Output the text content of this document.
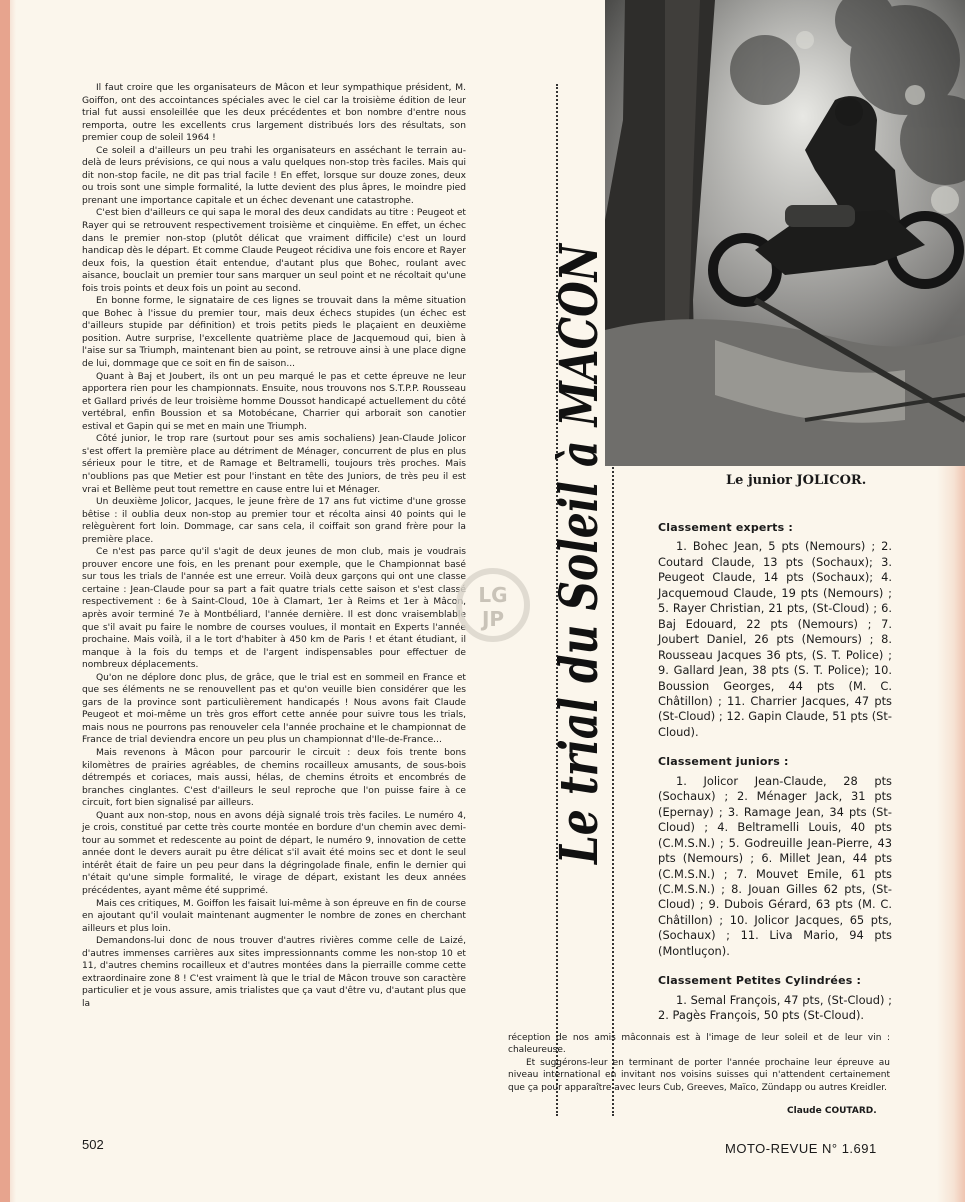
Il faut croire que les organisateurs de Mâcon et leur sympathique président, M. Goiffon, ont des accointances spéciales avec le ciel car la troisième édition de leur trial fut aussi ensoleillée que les deux précédentes et bon nombre d'entre nous remporta, outre les excellents crus largement distribués lors des résultats, son premier coup de soleil 1964 !

Ce soleil a d'ailleurs un peu trahi les organisateurs en asséchant le terrain au-delà de leurs prévisions, ce qui nous a valu quelques non-stop très faciles. Mais qui dit non-stop facile, ne dit pas trial facile ! En effet, lorsque sur douze zones, deux ou trois sont une simple formalité, la lutte devient des plus âpres, le moindre pied prenant une importance capitale et un échec devenant une catastrophe.

C'est bien d'ailleurs ce qui sapa le moral des deux candidats au titre : Peugeot et Rayer qui se retrouvent respectivement troisième et cinquième. En effet, un échec dans le premier non-stop (plutôt délicat que vraiment difficile) c'est un lourd handicap dès le départ. Et comme Claude Peugeot récidiva une fois encore et Rayer deux fois, la question était entendue, d'autant plus que Bohec, roulant avec aisance, bouclait un premier tour sans marquer un seul point et ne récoltait qu'une fois trois points et deux fois un point au second.

En bonne forme, le signataire de ces lignes se trouvait dans la même situation que Bohec à l'issue du premier tour, mais deux échecs stupides (un échec est d'ailleurs stupide par définition) et trois petits pieds le plaçaient en deuxième position. Autre surprise, l'excellente quatrième place de Jacquemoud qui, bien à l'aise sur sa Triumph, maintenant bien au point, se retrouve ainsi à une place digne de lui, dommage que ce soit en fin de saison...

Quant à Baj et Joubert, ils ont un peu marqué le pas et cette épreuve ne leur apportera rien pour les championnats. Ensuite, nous trouvons nos S.T.P.P. Rousseau et Gallard privés de leur troisième homme Doussot handicapé actuellement du côté vertébral, enfin Boussion et sa Motobécane, Charrier qui arborait son canotier estival et Gapin qui se met en main une Triumph.

Côté junior, le trop rare (surtout pour ses amis sochaliens) Jean-Claude Jolicor s'est offert la première place au détriment de Ménager, concurrent de plus en plus sérieux pour le titre, et de Ramage et Beltramelli, toujours très proches. Mais n'oublions pas que Metier est pour l'instant en tête des Juniors, de très peu il est vrai et Bellème peut tout remettre en cause entre lui et Ménager.

Un deuxième Jolicor, Jacques, le jeune frère de 17 ans fut victime d'une grosse bêtise : il oublia deux non-stop au premier tour et récolta ainsi 40 points qui le relèguèrent fort loin. Dommage, car sans cela, il coiffait son grand frère pour la première place.

Ce n'est pas parce qu'il s'agit de deux jeunes de mon club, mais je voudrais prouver encore une fois, en les prenant pour exemple, que le Championnat basé sur tous les trials de l'année est une erreur. Voilà deux garçons qui ont une classe certaine : Jean-Claude pour sa part a fait quatre trials cette saison et s'est classé respectivement : 6e à Saint-Cloud, 10e à Clamart, 1er à Reims et 1er à Mâcon, après avoir terminé 7e à Montbéliard, l'année dernière. Il est donc vraisemblable que s'il avait pu faire le nombre de courses voulues, il montait en Experts l'année prochaine. Mais voilà, il a le tort d'habiter à 450 km de Paris ! et étant étudiant, il manque à la fois du temps et de l'argent indispensables pour effectuer de nombreux déplacements.

Qu'on ne déplore donc plus, de grâce, que le trial est en sommeil en France et que ses éléments ne se renouvellent pas et qu'on veuille bien considérer que les gars de la province sont particulièrement handicapés ! Nous avons fait Claude Peugeot et moi-même un très gros effort cette année pour suivre tous les trials, mais nous ne pourrons pas renouveler cela l'année prochaine et le championnat de France de trial deviendra encore un peu plus un championnat d'Ile-de-France...

Mais revenons à Mâcon pour parcourir le circuit : deux fois trente bons kilomètres de prairies agréables, de chemins rocailleux amusants, de sous-bois détrempés et coriaces, mais aussi, hélas, de chemins étroits et encombrés de branches cinglantes. C'est d'ailleurs le seul reproche que l'on puisse faire à ce circuit, fort bien signalisé par ailleurs.

Quant aux non-stop, nous en avons déjà signalé trois très faciles. Le numéro 4, je crois, constitué par cette très courte montée en bordure d'un chemin avec demi-tour au sommet et redescente au point de départ, le numéro 9, innovation de cette année dont le devers aurait pu être délicat s'il avait été moins sec et dont le seul intérêt était de faire un peu peur dans la dégringolade finale, enfin le dernier qui n'était qu'une simple formalité, le virage de départ, existant les deux années précédentes, ayant même été supprimé.

Mais ces critiques, M. Goiffon les faisait lui-même à son épreuve en fin de course en ajoutant qu'il voulait maintenant augmenter le nombre de zones en cherchant ailleurs et plus loin.

Demandons-lui donc de nous trouver d'autres rivières comme celle de Laizé, d'autres immenses carrières aux sites impressionnants comme les non-stop 10 et 11, d'autres chemins rocailleux et d'autres montées dans la pierraille comme cette extraordinaire zone 8 ! C'est vraiment là que le trial de Mâcon trouve son caractère particulier et je vous assure, amis trialistes que ça vaut d'être vu, d'autant plus que la

Le trial du Soleil à MACON	Le junior JOLICOR.
LG
JP
Classement experts :

1. Bohec Jean, 5 pts (Nemours) ; 2. Coutard Claude, 13 pts (Sochaux); 3. Peugeot Claude, 14 pts (Sochaux); 4. Jacquemoud Claude, 19 pts (Nemours) ; 5. Rayer Christian, 21 pts, (St-Cloud) ; 6. Baj Edouard, 22 pts (Nemours) ; 7. Joubert Daniel, 26 pts (Nemours) ; 8. Rousseau Jacques 36 pts, (S. T. Police) ; 9. Gallard Jean, 38 pts (S. T. Police); 10. Boussion Georges, 44 pts (M. C. Châtillon) ; 11. Charrier Jacques, 47 pts (St-Cloud) ; 12. Gapin Claude, 51 pts (St-Cloud).

Classement juniors :

1. Jolicor Jean-Claude, 28 pts (Sochaux) ; 2. Ménager Jack, 31 pts (Epernay) ; 3. Ramage Jean, 34 pts (St-Cloud) ; 4. Beltramelli Louis, 40 pts (C.M.S.N.) ; 5. Godreuille Jean-Pierre, 43 pts (Nemours) ; 6. Millet Jean, 44 pts (C.M.S.N.) ; 7. Mouvet Emile, 61 pts (C.M.S.N.) ; 8. Jouan Gilles 62 pts, (St-Cloud) ; 9. Dubois Gérard, 63 pts (M. C. Châtillon) ; 10. Jolicor Jacques, 65 pts, (Sochaux) ; 11. Liva Mario, 94 pts (Montluçon).

Classement Petites Cylindrées :

1. Semal François, 47 pts, (St-Cloud) ; 2. Pagès François, 50 pts (St-Cloud).

réception de nos amis mâconnais est à l'image de leur soleil et de leur vin : chaleureuse.

Et suggérons-leur en terminant de porter l'année prochaine leur épreuve au niveau international en invitant nos voisins suisses qui n'attendent certainement que ça pour apparaître avec leurs Cub, Greeves, Maïco, Zündapp ou autres Kreidler.

Claude COUTARD.
502	MOTO-REVUE N° 1.691
